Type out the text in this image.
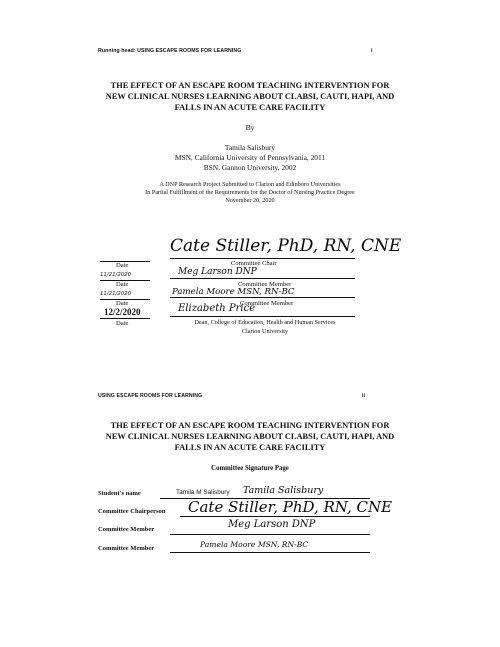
Running head: USING ESCAPE ROOMS FOR LEARNING	i
THE EFFECT OF AN ESCAPE ROOM TEACHING INTERVENTION FOR
NEW CLINICAL NURSES LEARNING ABOUT CLABSI, CAUTI, HAPI, AND
FALLS IN AN ACUTE CARE FACILITY
By
Tamila Salisbury
MSN, California University of Pennsylvania, 2011
BSN, Gannon University, 2002
A DNP Research Project Submitted to Clarion and Edinboro Universities
In Partial Fulfillment of the Requirements for the Doctor of Nursing Practice Degree
November 20, 2020
Cate Stiller, PhD, RN, CNE
Date	Committee Chair
11/21/2020	Meg Larson DNP
Date	Committee Member
11/21/2020	Pamela Moore MSN, RN-BC
Date	Committee Member
12/2/2020	Elizabeth Price
Date	Dean, College of Education, Health and Human Services
Clarion University
USING ESCAPE ROOMS FOR LEARNING	ii
THE EFFECT OF AN ESCAPE ROOM TEACHING INTERVENTION FOR
NEW CLINICAL NURSES LEARNING ABOUT CLABSI, CAUTI, HAPI, AND
FALLS IN AN ACUTE CARE FACILITY
Committee Signature Page
Student's name	Tamila M Salisbury Tamila Salisbury
Committee Chairperson Cate Stiller, PhD, RN, CNE
Committee Member	Meg Larson DNP
Committee Member	Pamela Moore MSN, RN-BC
